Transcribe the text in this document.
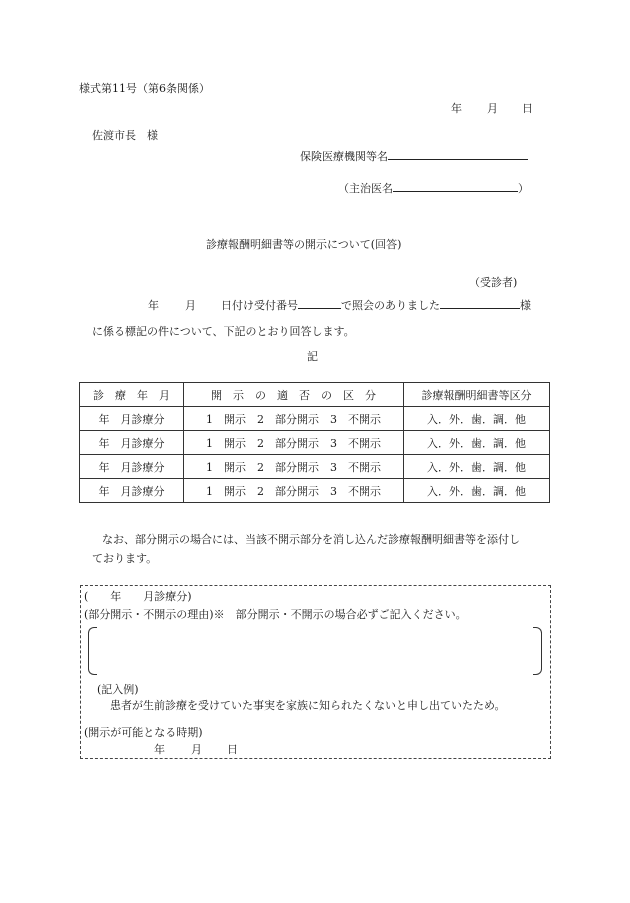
様式第11号（第6条関係）
年 月 日
佐渡市長　様
保険医療機関等名
（主治医名	）
診療報酬明細書等の開示について(回答)
（受診者)
年 月 日付け受付番号	で照会のありました	様
に係る標記の件について、下記のとおり回答します。
記
診　療　年　月	開　示　の　適　否　の　区　分	診療報酬明細書等区分
年　月診療分	1　開示　2　部分開示　3　不開示	入．外．歯．調．他
年　月診療分	1　開示　2　部分開示　3　不開示	入．外．歯．調．他
年　月診療分	1　開示　2　部分開示　3　不開示	入．外．歯．調．他
年　月診療分	1　開示　2　部分開示　3　不開示	入．外．歯．調．他
なお、部分開示の場合には、当該不開示部分を消し込んだ診療報酬明細書等を添付し
ております。
(　　年　　月診療分)
(部分開示・不開示の理由)※　部分開示・不開示の場合必ずご記入ください。
(記入例)
患者が生前診療を受けていた事実を家族に知られたくないと申し出ていたため。
(開示が可能となる時期)
年 月 日
